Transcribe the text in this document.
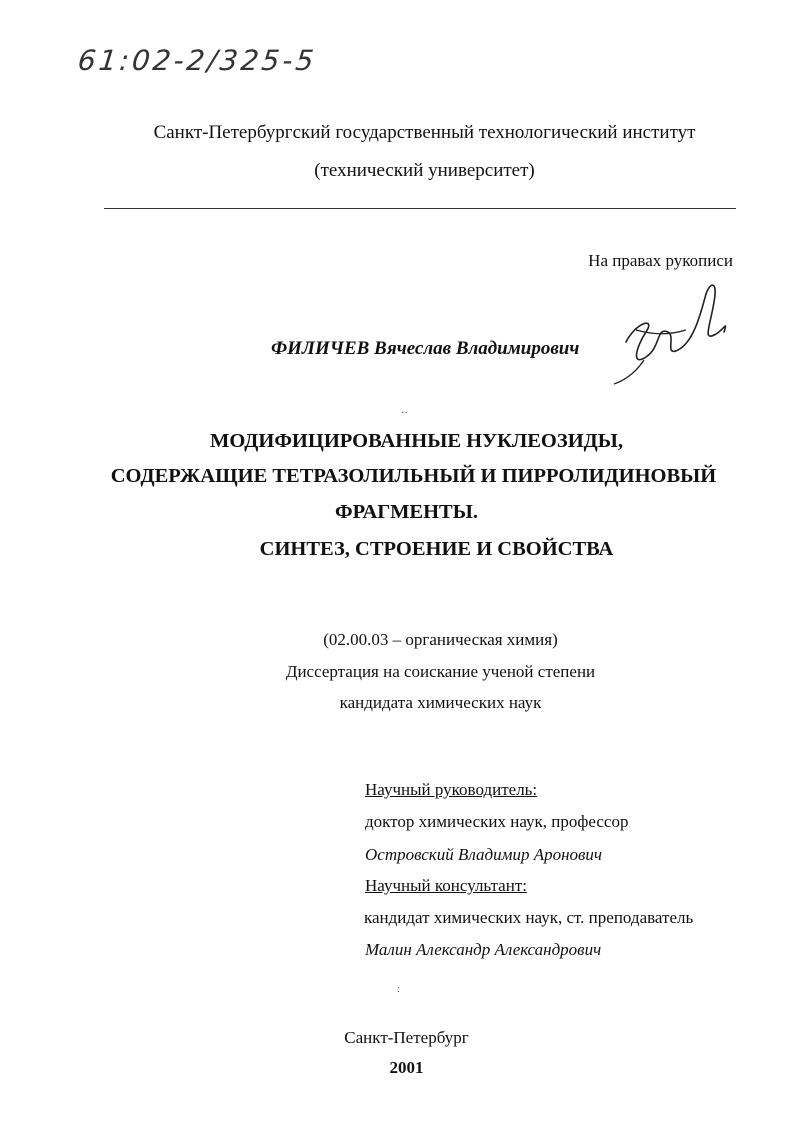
61:02-2/325-5
Санкт-Петербургский государственный технологический институт
(технический университет)
На правах рукописи
ФИЛИЧЕВ Вячеслав Владимирович
··
МОДИФИЦИРОВАННЫЕ НУКЛЕОЗИДЫ,
СОДЕРЖАЩИЕ ТЕТРАЗОЛИЛЬНЫЙ И ПИРРОЛИДИНОВЫЙ
ФРАГМЕНТЫ.
СИНТЕЗ, СТРОЕНИЕ И СВОЙСТВА
(02.00.03 – органическая химия)
Диссертация на соискание ученой степени
кандидата химических наук
Научный руководитель:
доктор химических наук, профессор
Островский Владимир Аронович
Научный консультант:
кандидат химических наук, ст. преподаватель
Малин Александр Александрович
:
Санкт-Петербург
2001
